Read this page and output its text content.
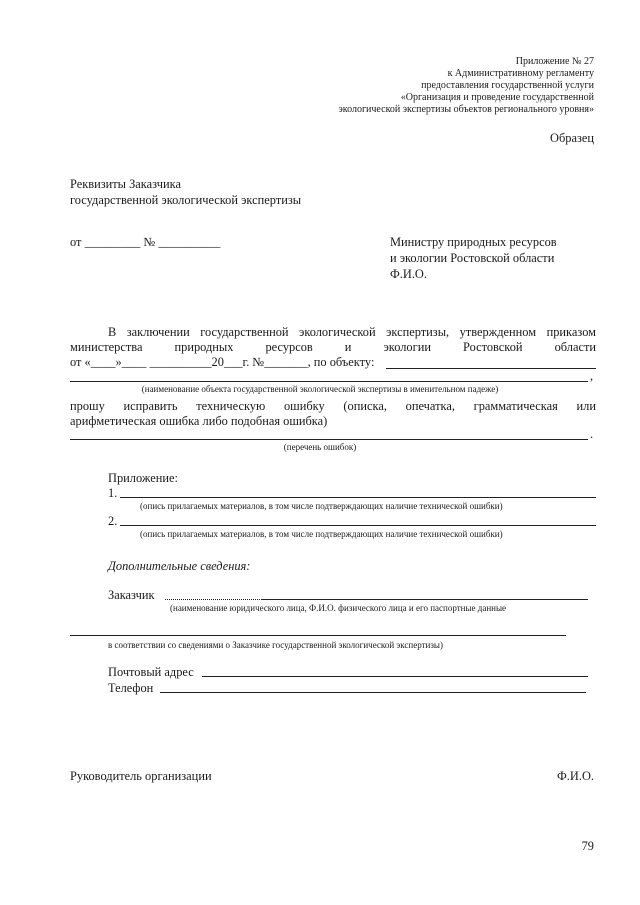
Приложение № 27
к Административному регламенту
предоставления государственной услуги
«Организация и проведение государственной
экологической экспертизы объектов регионального уровня»
Образец
Реквизиты Заказчика
государственной экологической экспертизы
от _________ № __________	Министру природных ресурсов
и экологии Ростовской области
Ф.И.О.
В заключении государственной экологической экспертизы, утвержденном приказом
министерства природных ресурсов и экологии Ростовской области
от «____»____ __________20___г. №_______, по объекту:
,
(наименование объекта государственной экологической экспертизы в именительном падеже)
прошу исправить техническую ошибку (описка, опечатка, грамматическая или
арифметическая ошибка либо подобная ошибка)
.
(перечень ошибок)
Приложение:
1.
(опись прилагаемых материалов, в том числе подтверждающих наличие технической ошибки)
2.
(опись прилагаемых материалов, в том числе подтверждающих наличие технической ошибки)
Дополнительные сведения:
Заказчик
(наименование юридического лица, Ф.И.О. физического лица и его паспортные данные
в соответствии со сведениями о Заказчике государственной экологической экспертизы)
Почтовый адрес
Телефон
Руководитель организации	Ф.И.О.
79
